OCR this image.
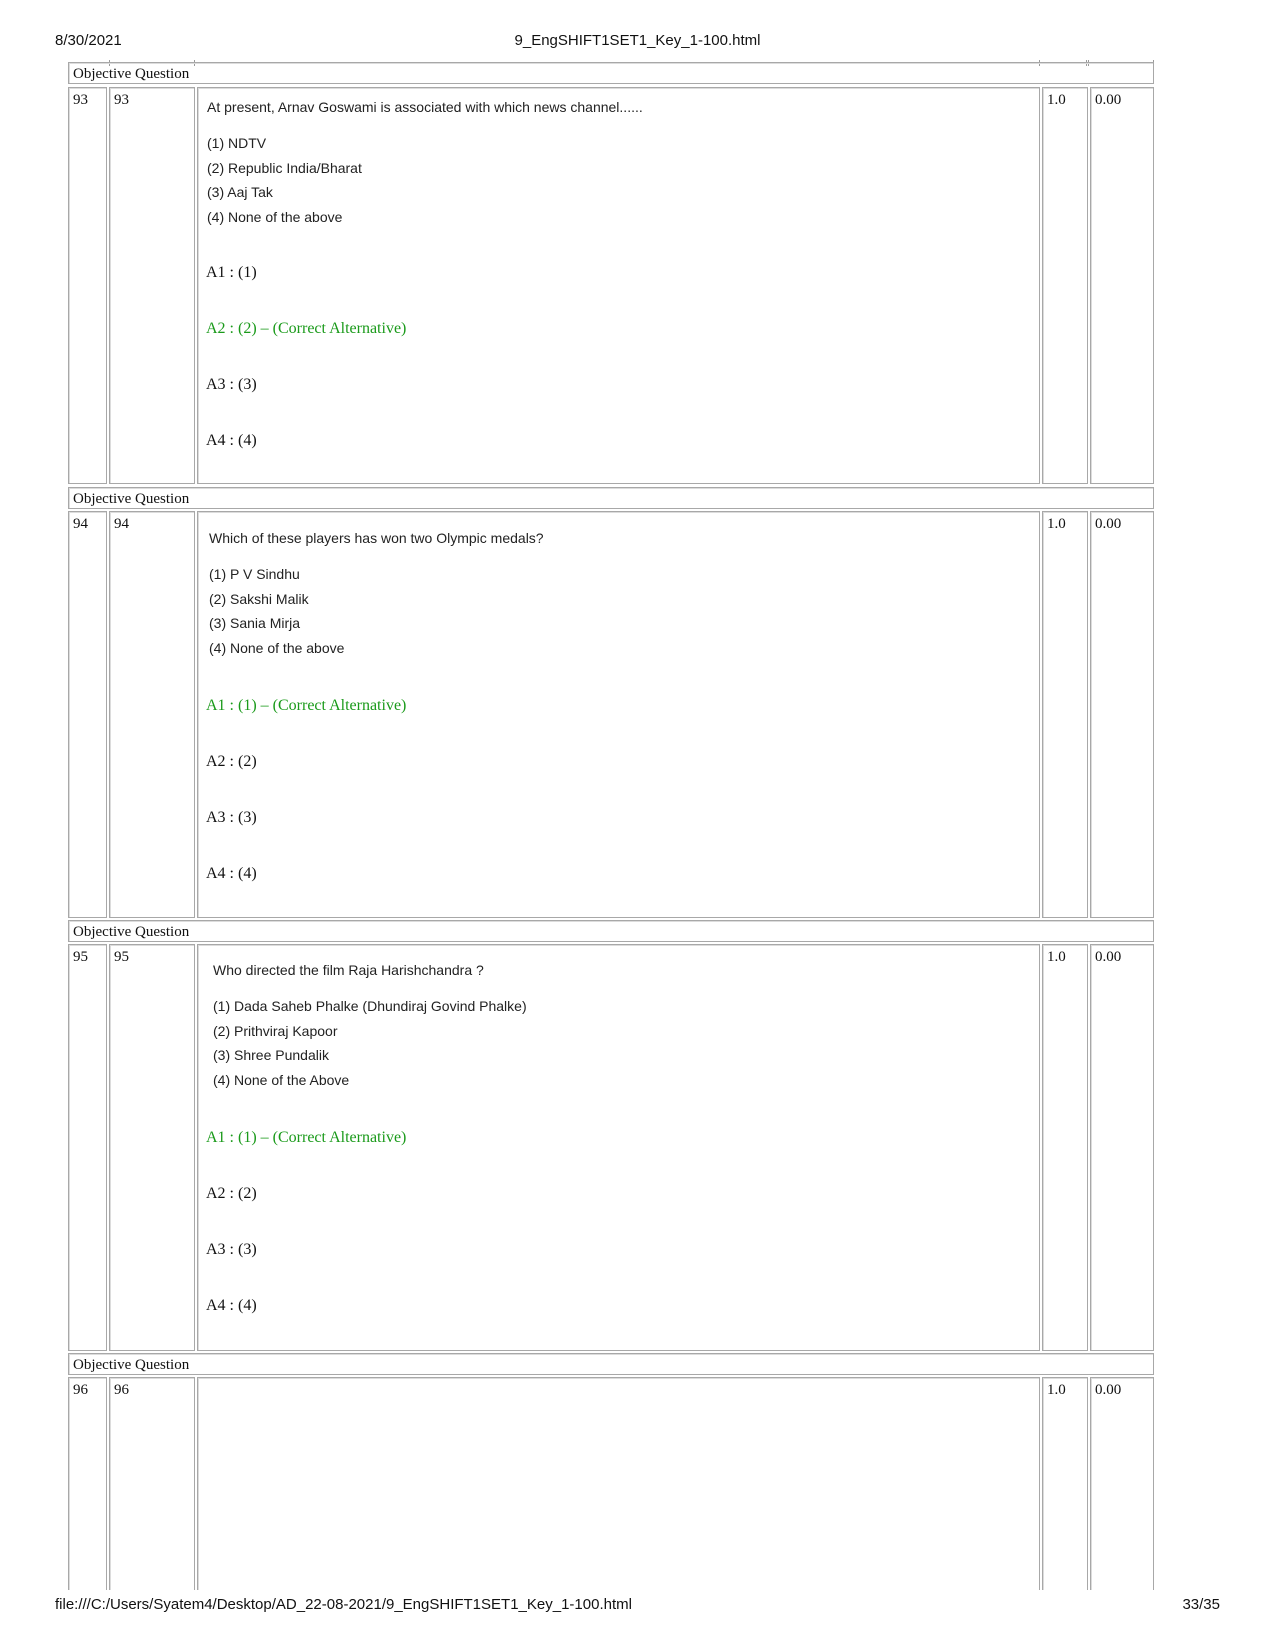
8/30/2021	9_EngSHIFT1SET1_Key_1-100.html
Objective Question
93 93	At present, Arnav Goswami is associated with which news channel......
(1) NDTV
(2) Republic India/Bharat
(3) Aaj Tak
(4) None of the above
A1 : (1)
A2 : (2) – (Correct Alternative)
A3 : (3)
A4 : (4)
1.0 0.00
Objective Question
94 94
Which of these players has won two Olympic medals?
(1) P V Sindhu
(2) Sakshi Malik
(3) Sania Mirja
(4) None of the above
A1 : (1) – (Correct Alternative)
A2 : (2)
A3 : (3)
A4 : (4)
1.0 0.00
Objective Question
95 95
Who directed the film Raja Harishchandra ?
(1) Dada Saheb Phalke (Dhundiraj Govind Phalke)
(2) Prithviraj Kapoor
(3) Shree Pundalik
(4) None of the Above
A1 : (1) – (Correct Alternative)
A2 : (2)
A3 : (3)
A4 : (4)
1.0 0.00
Objective Question
96 96	1.0 0.00
file:///C:/Users/Syatem4/Desktop/AD_22-08-2021/9_EngSHIFT1SET1_Key_1-100.html	33/35
